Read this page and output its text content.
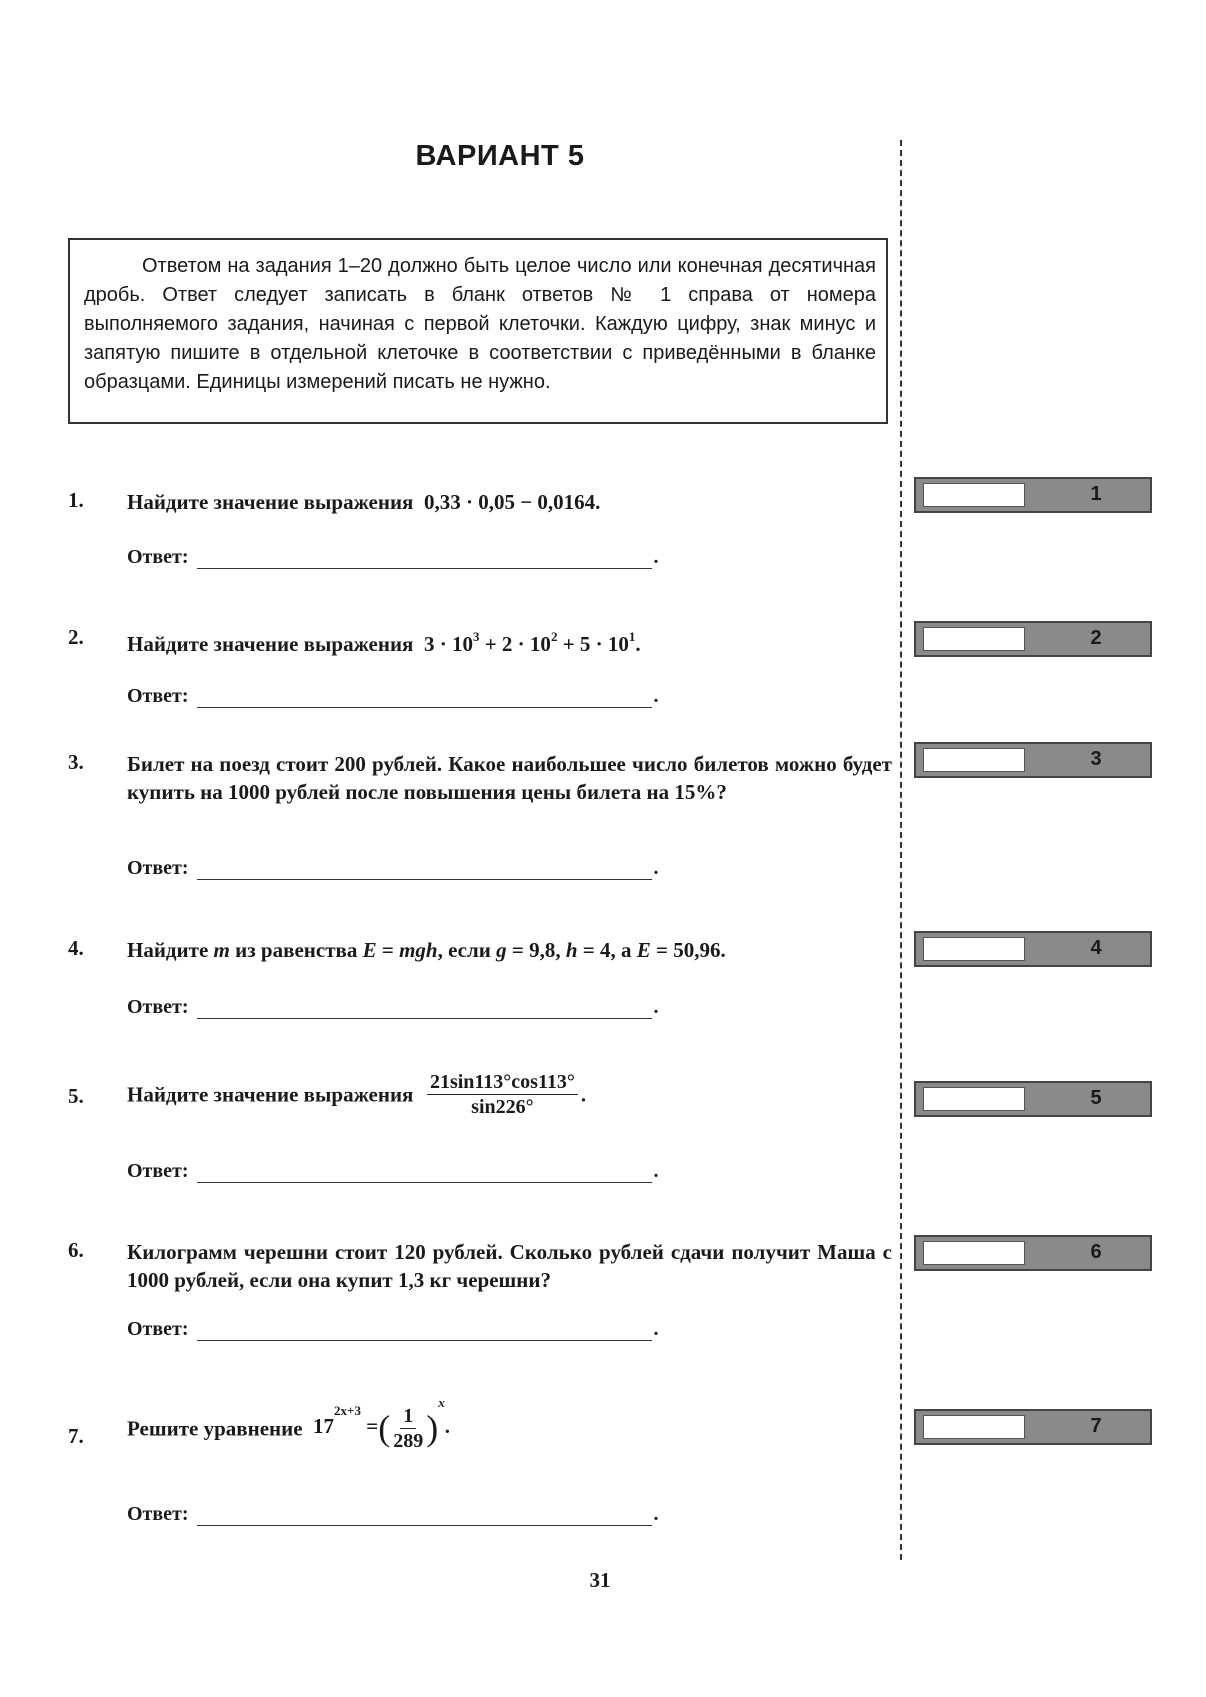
ВАРИАНТ 5
Ответом на задания 1–20 должно быть целое число или конечная десятичная дробь. Ответ следует записать в бланк ответов № 1 справа от номера выполняемого задания, начиная с первой клеточки. Каждую цифру, знак минус и запятую пишите в отдельной клеточке в соответствии с приведёнными в бланке образцами. Единицы измерений писать не нужно.
1. Найдите значение выражения 0,33 · 0,05 − 0,0164.
Ответ:	.
2. Найдите значение выражения $3 \cdot 10^3 + 2 \cdot 10^2 + 5 \cdot 10^1$.
Ответ:	.
3. Билет на поезд стоит 200 рублей. Какое наибольшее число билетов можно будет купить на 1000 рублей после повышения цены билета на 15%?
Ответ:	.
4. Найдите m из равенства E = mgh, если g = 9,8, h = 4, а E = 50,96.
Ответ:	.
5. Найдите значение выражения $\frac{21\sin 113^\circ\cos 113^\circ}{\sin 226^\circ}$ .
Ответ:	.
6. Килограмм черешни стоит 120 рублей. Сколько рублей сдачи получит Маша с 1000 рублей, если она купит 1,3 кг черешни?
Ответ:	.
7. Решите уравнение $17^{2x+3}$ =( $\frac{1}{289} )^x$.
Ответ:	.
1
2
3
4
5
6
7
31
